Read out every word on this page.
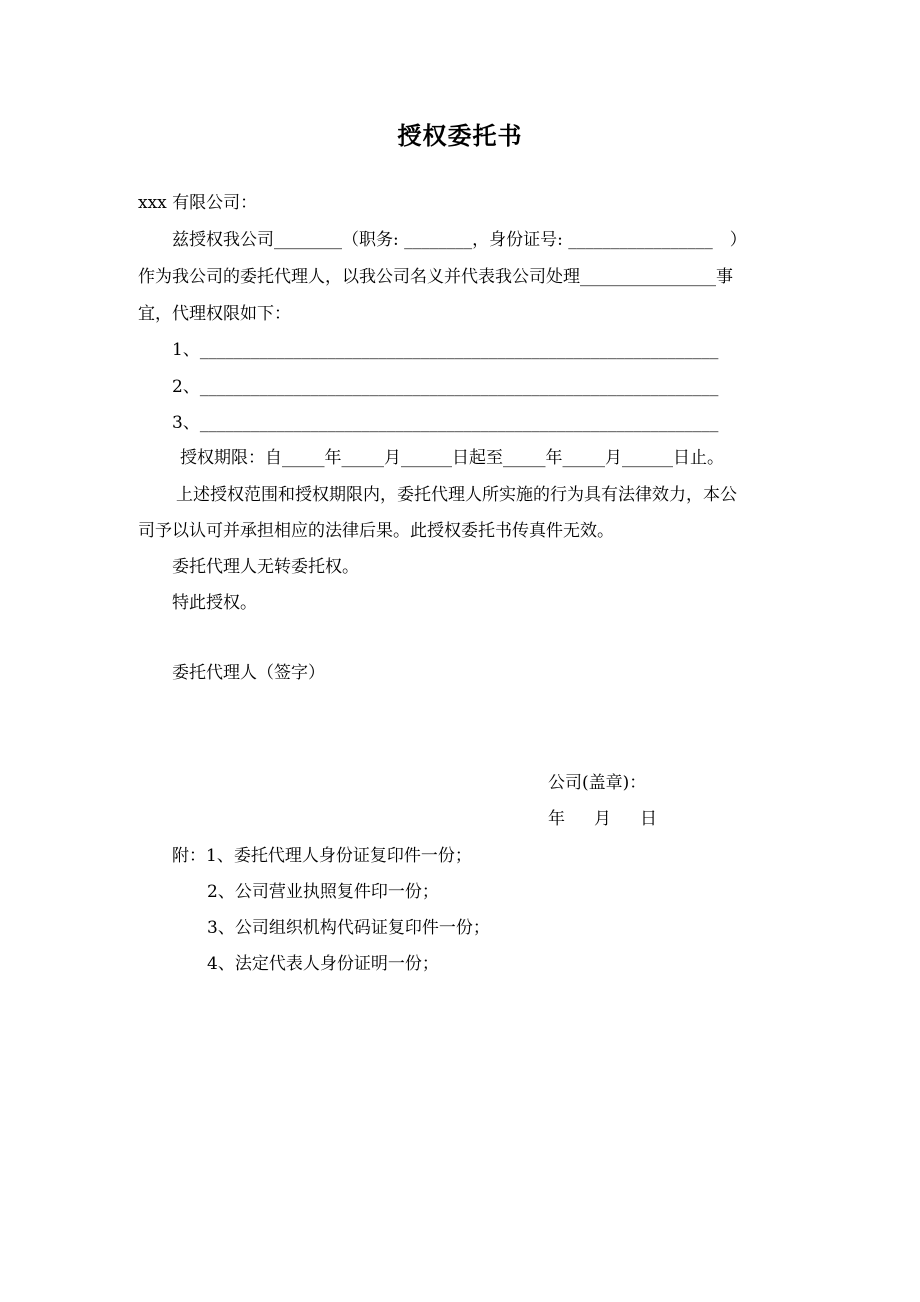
授权委托书
xxx 有限公司：
兹授权我公司________（职务: ________，身份证号: _________________　）
作为我公司的委托代理人，以我公司名义并代表我公司处理________________事
宜，代理权限如下：
1、_____________________________________________________________
2、_____________________________________________________________
3、_____________________________________________________________
授权期限：自_____年_____月______日起至_____年_____月______日止。
上述授权范围和授权期限内，委托代理人所实施的行为具有法律效力，本公
司予以认可并承担相应的法律后果。此授权委托书传真件无效。
委托代理人无转委托权。
特此授权。
委托代理人（签字）
公司(盖章)：
年 月 日
附：1、委托代理人身份证复印件一份；
2、公司营业执照复件印一份；
3、公司组织机构代码证复印件一份；
4、法定代表人身份证明一份；
